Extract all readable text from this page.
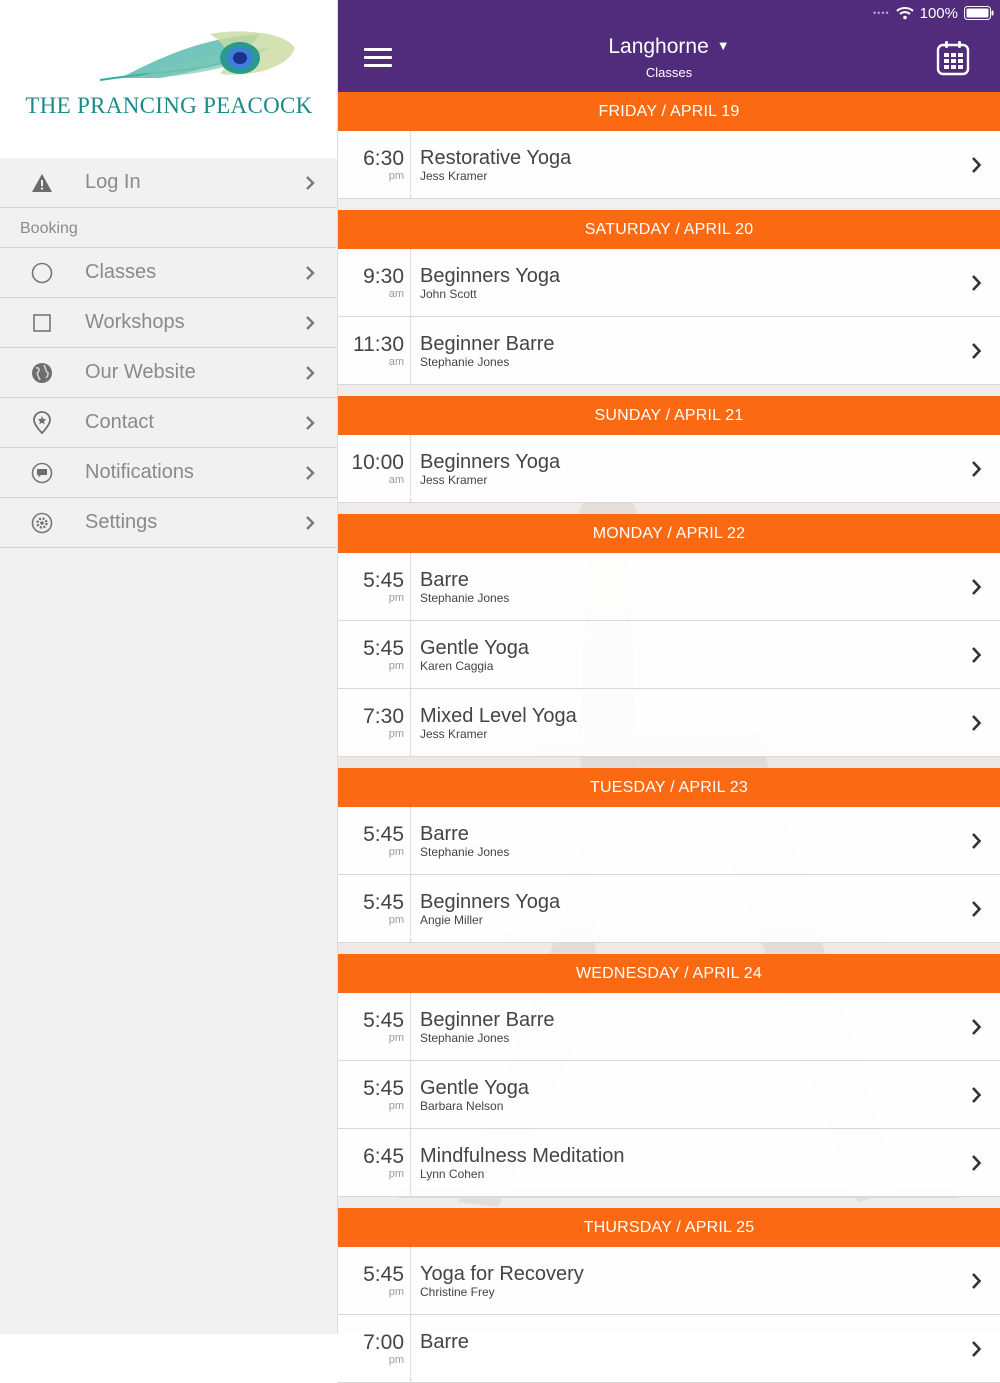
THE PRANCING PEACOCK
Log In
Booking
Classes
Workshops
Our Website
Contact
Notifications
Settings
•••• 100%
Langhorne ▼
Classes
FRIDAY / APRIL 19
6:30
pm
Restorative Yoga
Jess Kramer
SATURDAY / APRIL 20
9:30
am
Beginners Yoga
John Scott
11:30
am
Beginner Barre
Stephanie Jones
SUNDAY / APRIL 21
10:00
am
Beginners Yoga
Jess Kramer
MONDAY / APRIL 22
5:45
pm
Barre
Stephanie Jones
5:45
pm
Gentle Yoga
Karen Caggia
7:30
pm
Mixed Level Yoga
Jess Kramer
TUESDAY / APRIL 23
5:45
pm
Barre
Stephanie Jones
5:45
pm
Beginners Yoga
Angie Miller
WEDNESDAY / APRIL 24
5:45
pm
Beginner Barre
Stephanie Jones
5:45
pm
Gentle Yoga
Barbara Nelson
6:45
pm
Mindfulness Meditation
Lynn Cohen
THURSDAY / APRIL 25
5:45
pm
Yoga for Recovery
Christine Frey
7:00
pm
Barre
